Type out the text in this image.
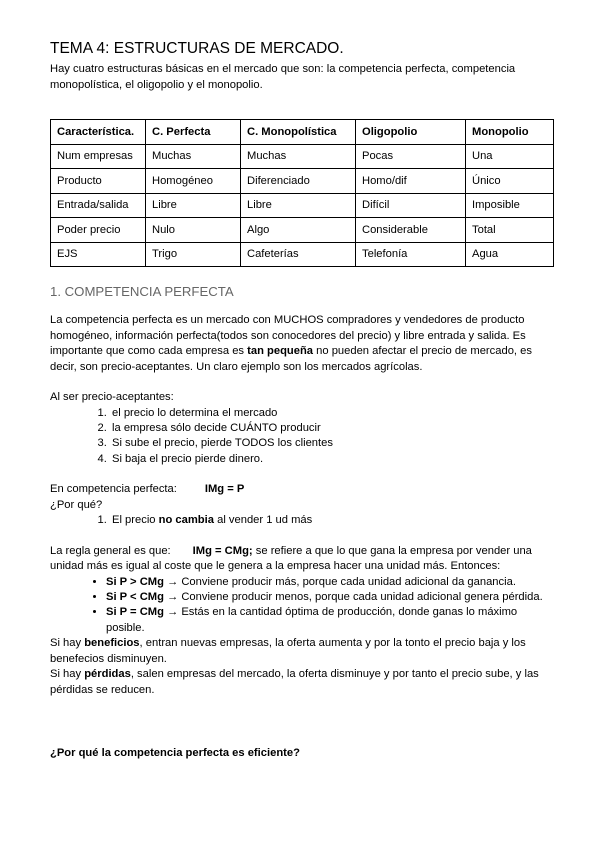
TEMA 4: ESTRUCTURAS DE MERCADO.

Hay cuatro estructuras básicas en el mercado que son: la competencia perfecta, competencia monopolística, el oligopolio y el monopolio.

Característica.	C. Perfecta	C. Monopolística	Oligopolio	Monopolio
Num empresas	Muchas	Muchas	Pocas	Una
Producto	Homogéneo	Diferenciado	Homo/dif	Único
Entrada/salida	Libre	Libre	Difícil	Imposible
Poder precio	Nulo	Algo	Considerable	Total
EJS	Trigo	Cafeterías	Telefonía	Agua
1. COMPETENCIA PERFECTA

La competencia perfecta es un mercado con MUCHOS compradores y vendedores de producto homogéneo, información perfecta(todos son conocedores del precio) y libre entrada y salida. Es importante que como cada empresa es tan pequeña no pueden afectar el precio de mercado, es decir, son precio-aceptantes. Un claro ejemplo son los mercados agrícolas.

Al ser precio-aceptantes:

1. el precio lo determina el mercado
2. la empresa sólo decide CUÁNTO producir
3. Si sube el precio, pierde TODOS los clientes
4. Si baja el precio pierde dinero.

En competencia perfecta:	IMg = P

¿Por qué?

1. El precio no cambia al vender 1 ud más

La regla general es que: IMg = CMg; se refiere a que lo que gana la empresa por vender una unidad más es igual al coste que le genera a la empresa hacer una unidad más. Entonces:

• Si P > CMg → Conviene producir más, porque cada unidad adicional da ganancia.
• Si P < CMg → Conviene producir menos, porque cada unidad adicional genera pérdida.
• Si P = CMg → Estás en la cantidad óptima de producción, donde ganas lo máximo posible.

Si hay beneficios, entran nuevas empresas, la oferta aumenta y por la tonto el precio baja y los benefecios disminuyen.

Si hay pérdidas, salen empresas del mercado, la oferta disminuye y por tanto el precio sube, y las pérdidas se reducen.

¿Por qué la competencia perfecta es eficiente?
